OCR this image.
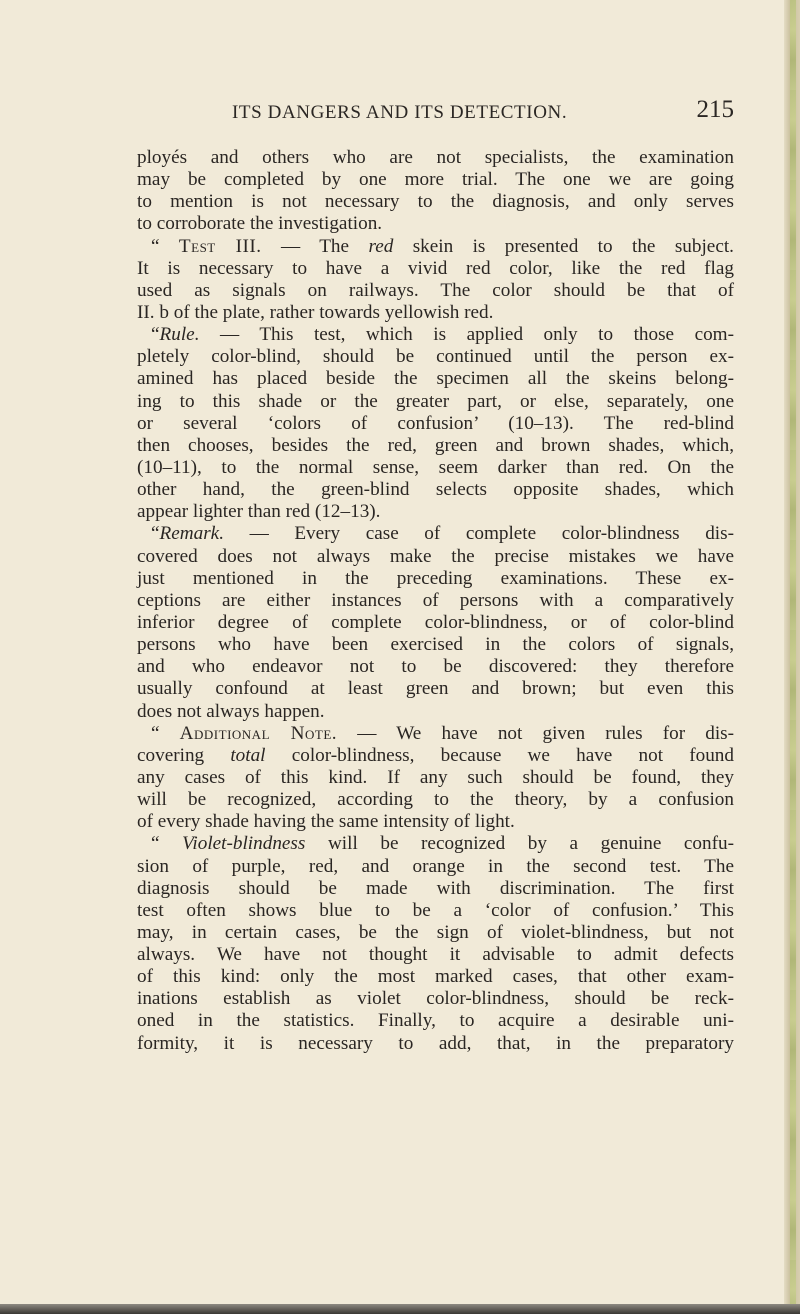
ITS DANGERS AND ITS DETECTION.	215
ployés and others who are not specialists, the examination
may be completed by one more trial. The one we are going
to mention is not necessary to the diagnosis, and only serves
to corroborate the investigation.
“ Test III. — The red skein is presented to the subject.
It is necessary to have a vivid red color, like the red flag
used as signals on railways. The color should be that of
II. b of the plate, rather towards yellowish red.
“Rule. — This test, which is applied only to those com-
pletely color-blind, should be continued until the person ex-
amined has placed beside the specimen all the skeins belong-
ing to this shade or the greater part, or else, separately, one
or several ‘colors of confusion’ (10–13). The red-blind
then chooses, besides the red, green and brown shades, which,
(10–11), to the normal sense, seem darker than red. On the
other hand, the green-blind selects opposite shades, which
appear lighter than red (12–13).
“Remark. — Every case of complete color-blindness dis-
covered does not always make the precise mistakes we have
just mentioned in the preceding examinations. These ex-
ceptions are either instances of persons with a comparatively
inferior degree of complete color-blindness, or of color-blind
persons who have been exercised in the colors of signals,
and who endeavor not to be discovered: they therefore
usually confound at least green and brown; but even this
does not always happen.
“ Additional Note. — We have not given rules for dis-
covering total color-blindness, because we have not found
any cases of this kind. If any such should be found, they
will be recognized, according to the theory, by a confusion
of every shade having the same intensity of light.
“ Violet-blindness will be recognized by a genuine confu-
sion of purple, red, and orange in the second test. The
diagnosis should be made with discrimination. The first
test often shows blue to be a ‘color of confusion.’ This
may, in certain cases, be the sign of violet-blindness, but not
always. We have not thought it advisable to admit defects
of this kind: only the most marked cases, that other exam-
inations establish as violet color-blindness, should be reck-
oned in the statistics. Finally, to acquire a desirable uni-
formity, it is necessary to add, that, in the preparatory
